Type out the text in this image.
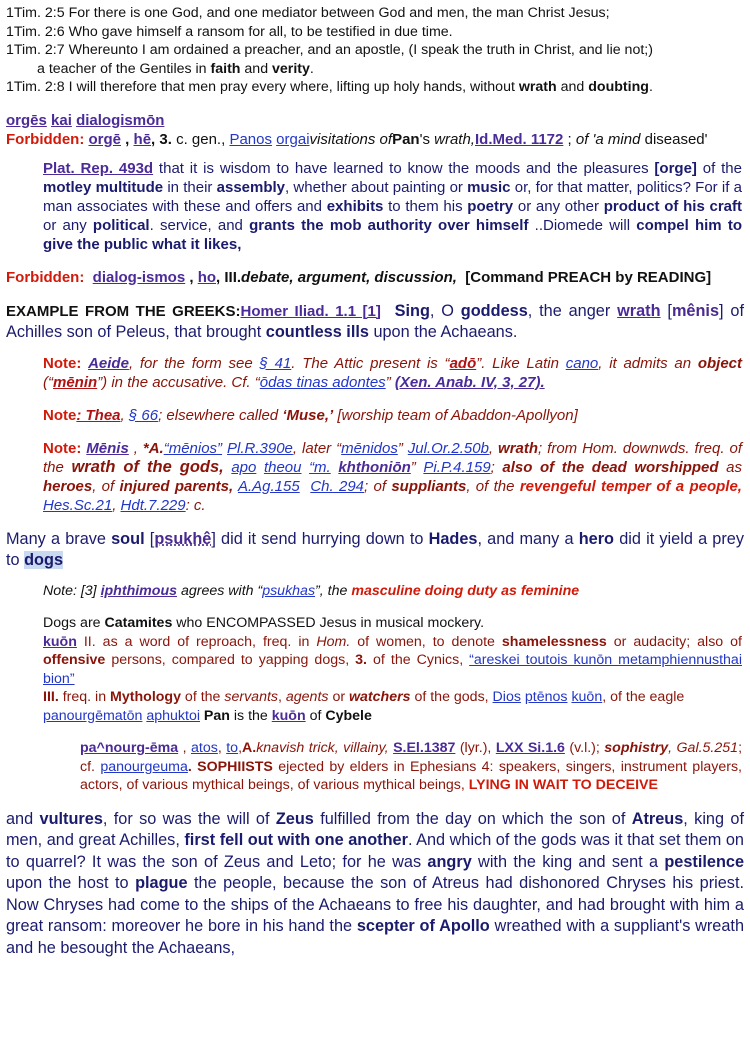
1Tim. 2:5 For there is one God, and one mediator between God and men, the man Christ Jesus;

1Tim. 2:6 Who gave himself a ransom for all, to be testified in due time.

1Tim. 2:7 Whereunto I am ordained a preacher, and an apostle, (I speak the truth in Christ, and lie not;)

a teacher of the Gentiles in faith and verity.

1Tim. 2:8 I will therefore that men pray every where, lifting up holy hands, without wrath and doubting.

orgēs kai dialogismōn

Forbidden: orgē , hē, 3. c. gen., Panos orgaivisitations ofPan's wrath,Id.Med. 1172 ; of 'a mind diseased'

Plat. Rep. 493d that it is wisdom to have learned to know the moods and the pleasures [orge] of the motley multitude in their assembly, whether about painting or music or, for that matter, politics? For if a man associates with these and offers and exhibits to them his poetry or any other product of his craft or any political. service, and grants the mob authority over himself ..Diomede will compel him to give the public what it likes,

Forbidden: dialog-ismos , ho, III.debate, argument, discussion, [Command PREACH by READING]

EXAMPLE FROM THE GREEKS:Homer Iliad. 1.1 [1] Sing, O goddess, the anger wrath [mênis] of Achilles son of Peleus, that brought countless ills upon the Achaeans.

Note: Aeide, for the form see § 41. The Attic present is “adō”. Like Latin cano, it admits an object (“mēnin”) in the accusative. Cf. “ōdas tinas adontes” (Xen. Anab. IV, 3, 27).

Note: Thea, § 66; elsewhere called ‘Muse,’ [worship team of Abaddon-Apollyon]

Note: Mēnis , *A.“mēnios” Pl.R.390e, later “mēnidos” Jul.Or.2.50b, wrath; from Hom. downwds. freq. of the wrath of the gods, apo theou “m. khthoniōn” Pi.P.4.159; also of the dead worshipped as heroes, of injured parents, A.Ag.155 Ch. 294; of suppliants, of the revengeful temper of a people, Hes.Sc.21, Hdt.7.229: c.

Many a brave soul [psukhê] did it send hurrying down to Hades, and many a hero did it yield a prey to dogs

Note: [3] iphthimous agrees with “psukhas”, the masculine doing duty as feminine

Dogs are Catamites who ENCOMPASSED Jesus in musical mockery.

kuōn II. as a word of reproach, freq. in Hom. of women, to denote shamelessness or audacity; also of offensive persons, compared to yapping dogs, 3. of the Cynics, “areskei toutois kunōn metamphiennusthai bion”

III. freq. in Mythology of the servants, agents or watchers of the gods, Dios ptēnos kuōn, of the eagle

panourgēmatōn aphuktoi Pan is the kuōn of Cybele

pa^nourg-ēma , atos, to,A.knavish trick, villainy, S.El.1387 (lyr.), LXX Si.1.6 (v.l.); sophistry, Gal.5.251; cf. panourgeuma. SOPHIISTS ejected by elders in Ephesians 4: speakers, singers, instrument players, actors, of various mythical beings, of various mythical beings, LYING IN WAIT TO DECEIVE

and vultures, for so was the will of Zeus fulfilled from the day on which the son of Atreus, king of men, and great Achilles, first fell out with one another. And which of the gods was it that set them on to quarrel? It was the son of Zeus and Leto; for he was angry with the king and sent a pestilence upon the host to plague the people, because the son of Atreus had dishonored Chryses his priest. Now Chryses had come to the ships of the Achaeans to free his daughter, and had brought with him a great ransom: moreover he bore in his hand the scepter of Apollo wreathed with a suppliant's wreath and he besought the Achaeans,
